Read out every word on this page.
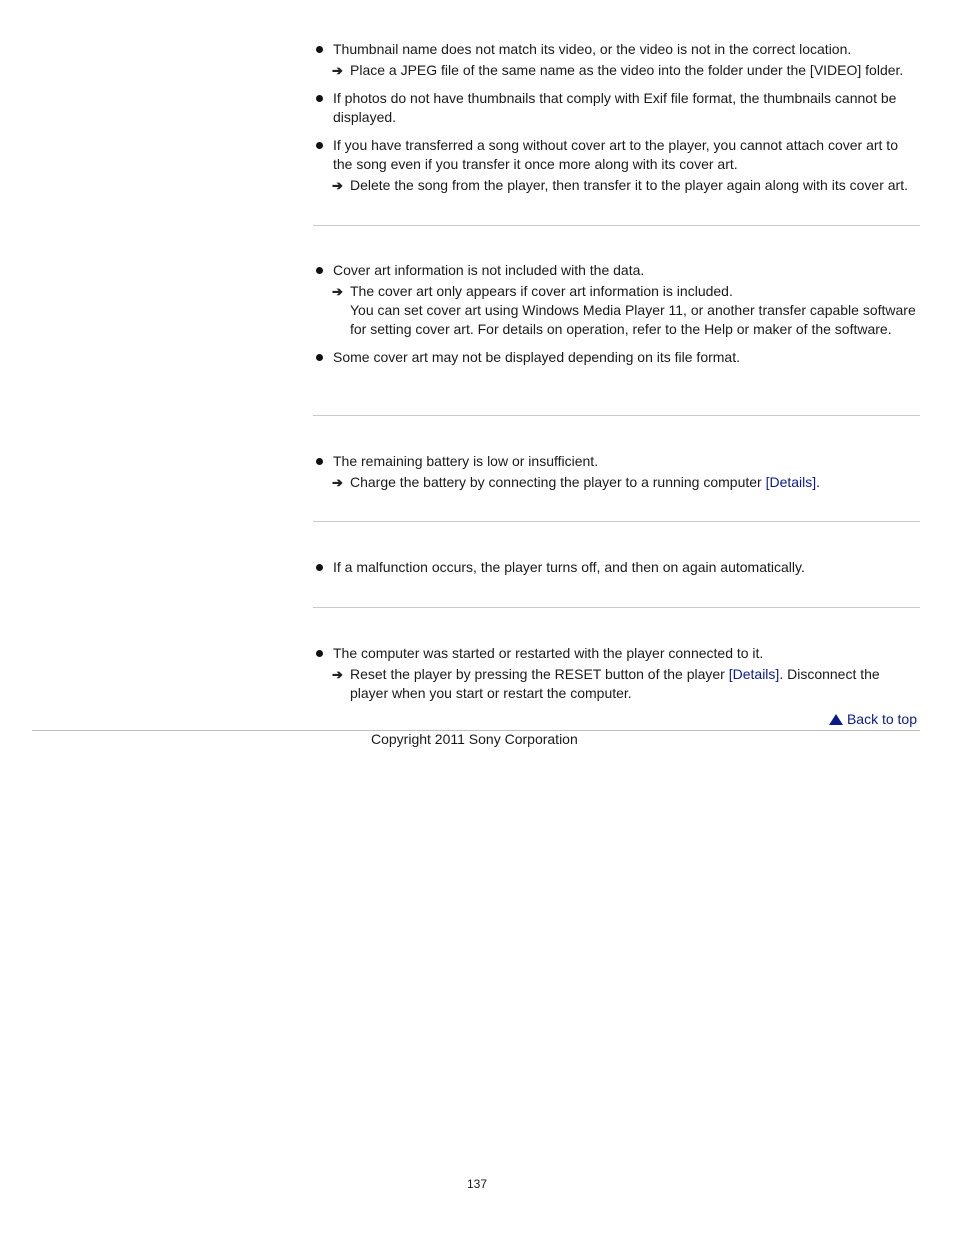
Thumbnail name does not match its video, or the video is not in the correct location.
➔ Place a JPEG file of the same name as the video into the folder under the [VIDEO] folder.
If photos do not have thumbnails that comply with Exif file format, the thumbnails cannot be displayed.
If you have transferred a song without cover art to the player, you cannot attach cover art to the song even if you transfer it once more along with its cover art.
➔ Delete the song from the player, then transfer it to the player again along with its cover art.
Cover art information is not included with the data.
➔ The cover art only appears if cover art information is included.
You can set cover art using Windows Media Player 11, or another transfer capable software for setting cover art. For details on operation, refer to the Help or maker of the software.
Some cover art may not be displayed depending on its file format.
The remaining battery is low or insufficient.
➔ Charge the battery by connecting the player to a running computer [Details].
If a malfunction occurs, the player turns off, and then on again automatically.
The computer was started or restarted with the player connected to it.
➔ Reset the player by pressing the RESET button of the player [Details]. Disconnect the player when you start or restart the computer.
Back to top
Copyright 2011 Sony Corporation
137
